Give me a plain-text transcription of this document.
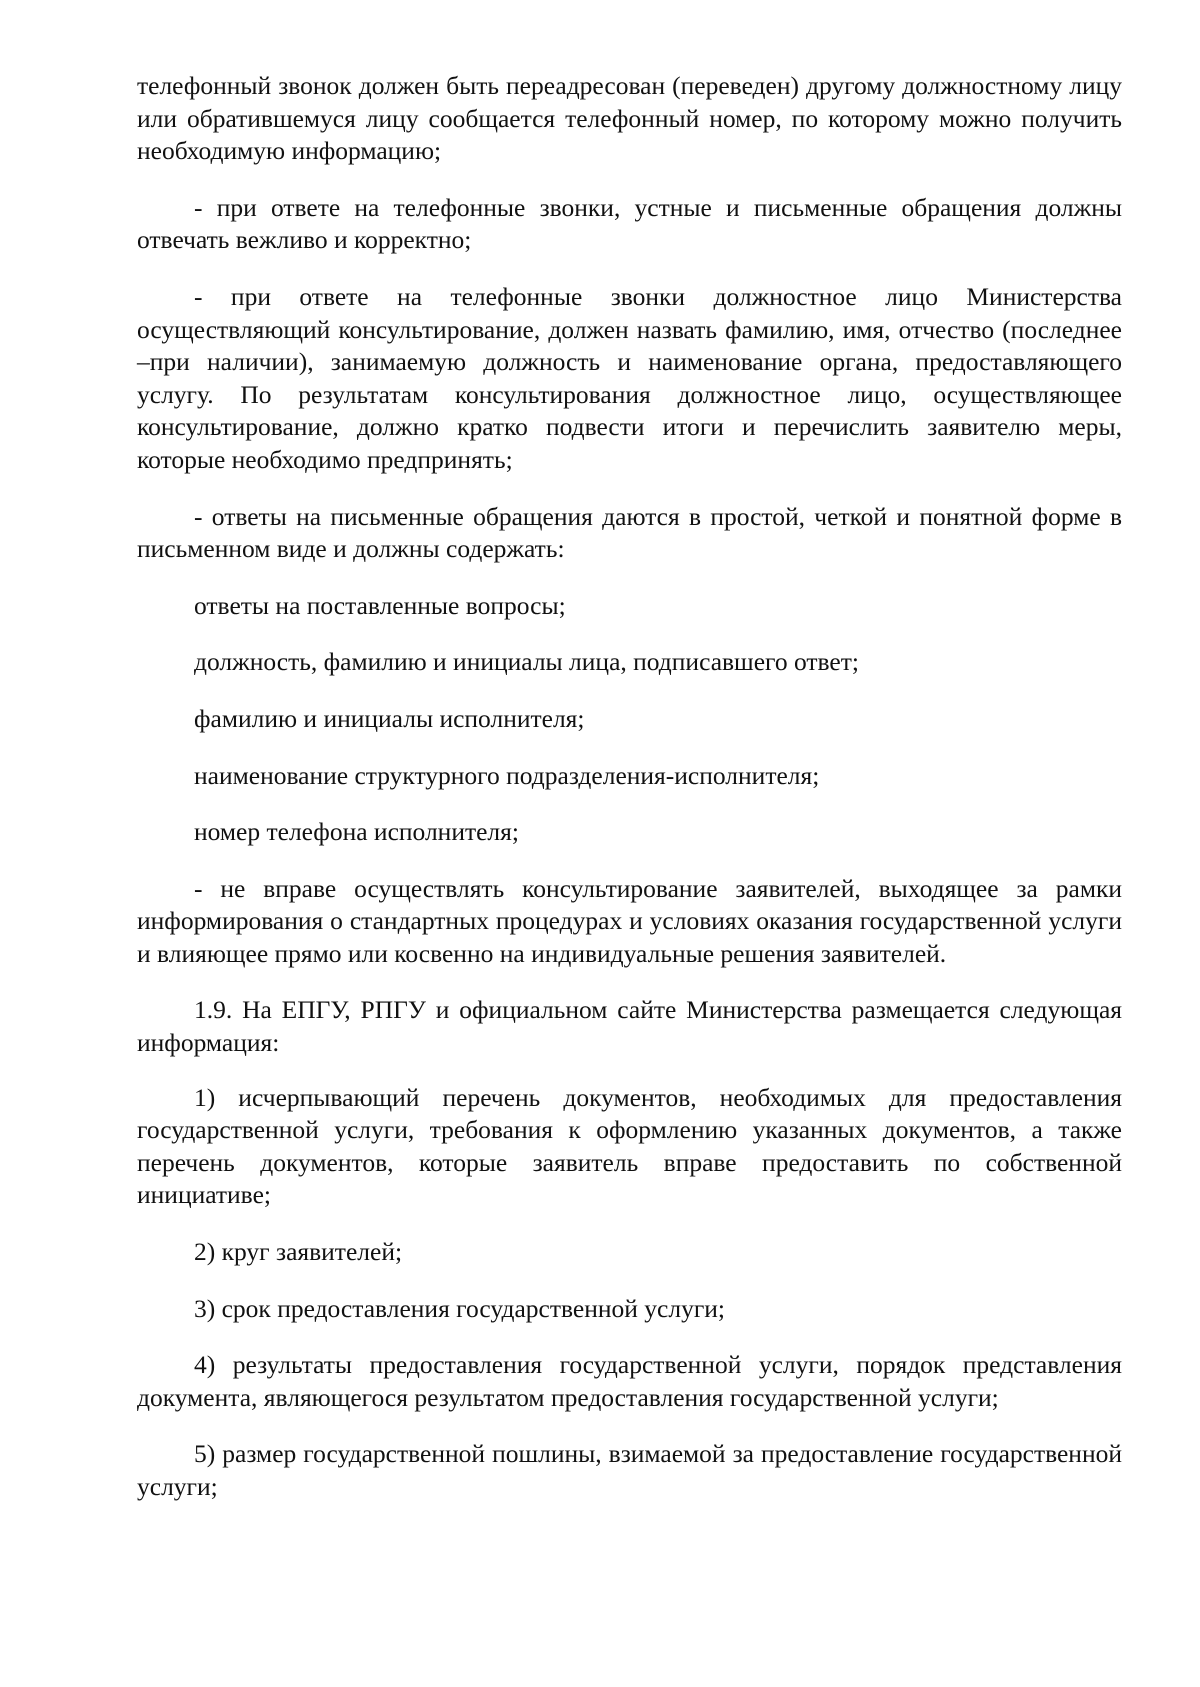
телефонный звонок должен быть переадресован (переведен) другому должностному лицу или обратившемуся лицу сообщается телефонный номер, по которому можно получить необходимую информацию;

- при ответе на телефонные звонки, устные и письменные обращения должны отвечать вежливо и корректно;

- при ответе на телефонные звонки должностное лицо Министерства осуществляющий консультирование, должен назвать фамилию, имя, отчество (последнее –при наличии), занимаемую должность и наименование органа, предоставляющего услугу. По результатам консультирования должностное лицо, осуществляющее консультирование, должно кратко подвести итоги и перечислить заявителю меры, которые необходимо предпринять;

- ответы на письменные обращения даются в простой, четкой и понятной форме в письменном виде и должны содержать:

ответы на поставленные вопросы;

должность, фамилию и инициалы лица, подписавшего ответ;

фамилию и инициалы исполнителя;

наименование структурного подразделения-исполнителя;

номер телефона исполнителя;

- не вправе осуществлять консультирование заявителей, выходящее за рамки информирования о стандартных процедурах и условиях оказания государственной услуги и влияющее прямо или косвенно на индивидуальные решения заявителей.

1.9. На ЕПГУ, РПГУ и официальном сайте Министерства размещается следующая информация:

1) исчерпывающий перечень документов, необходимых для предоставления государственной услуги, требования к оформлению указанных документов, а также перечень документов, которые заявитель вправе предоставить по собственной инициативе;

2) круг заявителей;

3) срок предоставления государственной услуги;

4) результаты предоставления государственной услуги, порядок представления документа, являющегося результатом предоставления государственной услуги;

5) размер государственной пошлины, взимаемой за предоставление государственной услуги;
